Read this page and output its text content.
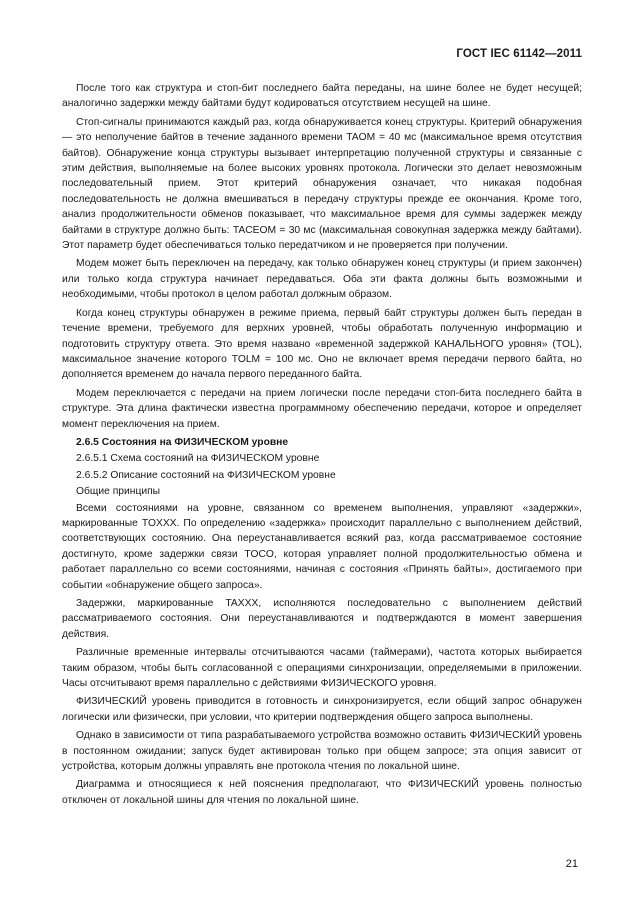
ГОСТ IEC 61142—2011

После того как структура и стоп-бит последнего байта переданы, на шине более не будет несущей; аналогично задержки между байтами будут кодироваться отсутствием несущей на шине.

Стоп-сигналы принимаются каждый раз, когда обнаруживается конец структуры. Критерий обнаружения — это неполучение байтов в течение заданного времени TAOM = 40 мс (максимальное время отсутствия байтов). Обнаружение конца структуры вызывает интерпретацию полученной структуры и связанные с этим действия, выполняемые на более высоких уровнях протокола. Логически это делает невозможным последовательный прием. Этот критерий обнаружения означает, что никакая подобная последовательность не должна вмешиваться в передачу структуры прежде ее окончания. Кроме того, анализ продолжительности обменов показывает, что максимальное время для суммы задержек между байтами в структуре должно быть: TACEOM = 30 мс (максимальная совокупная задержка между байтами). Этот параметр будет обеспечиваться только передатчиком и не проверяется при получении.

Модем может быть переключен на передачу, как только обнаружен конец структуры (и прием закончен) или только когда структура начинает передаваться. Оба эти факта должны быть возможными и необходимыми, чтобы протокол в целом работал должным образом.

Когда конец структуры обнаружен в режиме приема, первый байт структуры должен быть передан в течение времени, требуемого для верхних уровней, чтобы обработать полученную информацию и подготовить структуру ответа. Это время названо «временной задержкой КАНАЛЬНОГО уровня» (TOL), максимальное значение которого TOLM = 100 мс. Оно не включает время передачи первого байта, но дополняется временем до начала первого переданного байта.

Модем переключается с передачи на прием логически после передачи стоп-бита последнего байта в структуре. Эта длина фактически известна программному обеспечению передачи, которое и определяет момент переключения на прием.

2.6.5 Состояния на ФИЗИЧЕСКОМ уровне

2.6.5.1 Схема состояний на ФИЗИЧЕСКОМ уровне

2.6.5.2 Описание состояний на ФИЗИЧЕСКОМ уровне

Общие принципы

Всеми состояниями на уровне, связанном со временем выполнения, управляют «задержки», маркированные TOXXX. По определению «задержка» происходит параллельно с выполнением действий, соответствующих состоянию. Она переустанавливается всякий раз, когда рассматриваемое состояние достигнуто, кроме задержки связи TOCO, которая управляет полной продолжительностью обмена и работает параллельно со всеми состояниями, начиная с состояния «Принять байты», достигаемого при событии «обнаружение общего запроса».

Задержки, маркированные TAXXX, исполняются последовательно с выполнением действий рассматриваемого состояния. Они переустанавливаются и подтверждаются в момент завершения действия.

Различные временные интервалы отсчитываются часами (таймерами), частота которых выбирается таким образом, чтобы быть согласованной с операциями синхронизации, определяемыми в приложении. Часы отсчитывают время параллельно с действиями ФИЗИЧЕСКОГО уровня.

ФИЗИЧЕСКИЙ уровень приводится в готовность и синхронизируется, если общий запрос обнаружен логически или физически, при условии, что критерии подтверждения общего запроса выполнены.

Однако в зависимости от типа разрабатываемого устройства возможно оставить ФИЗИЧЕСКИЙ уровень в постоянном ожидании; запуск будет активирован только при общем запросе; эта опция зависит от устройства, которым должны управлять вне протокола чтения по локальной шине.

Диаграмма и относящиеся к ней пояснения предполагают, что ФИЗИЧЕСКИЙ уровень полностью отключен от локальной шины для чтения по локальной шине.

21
